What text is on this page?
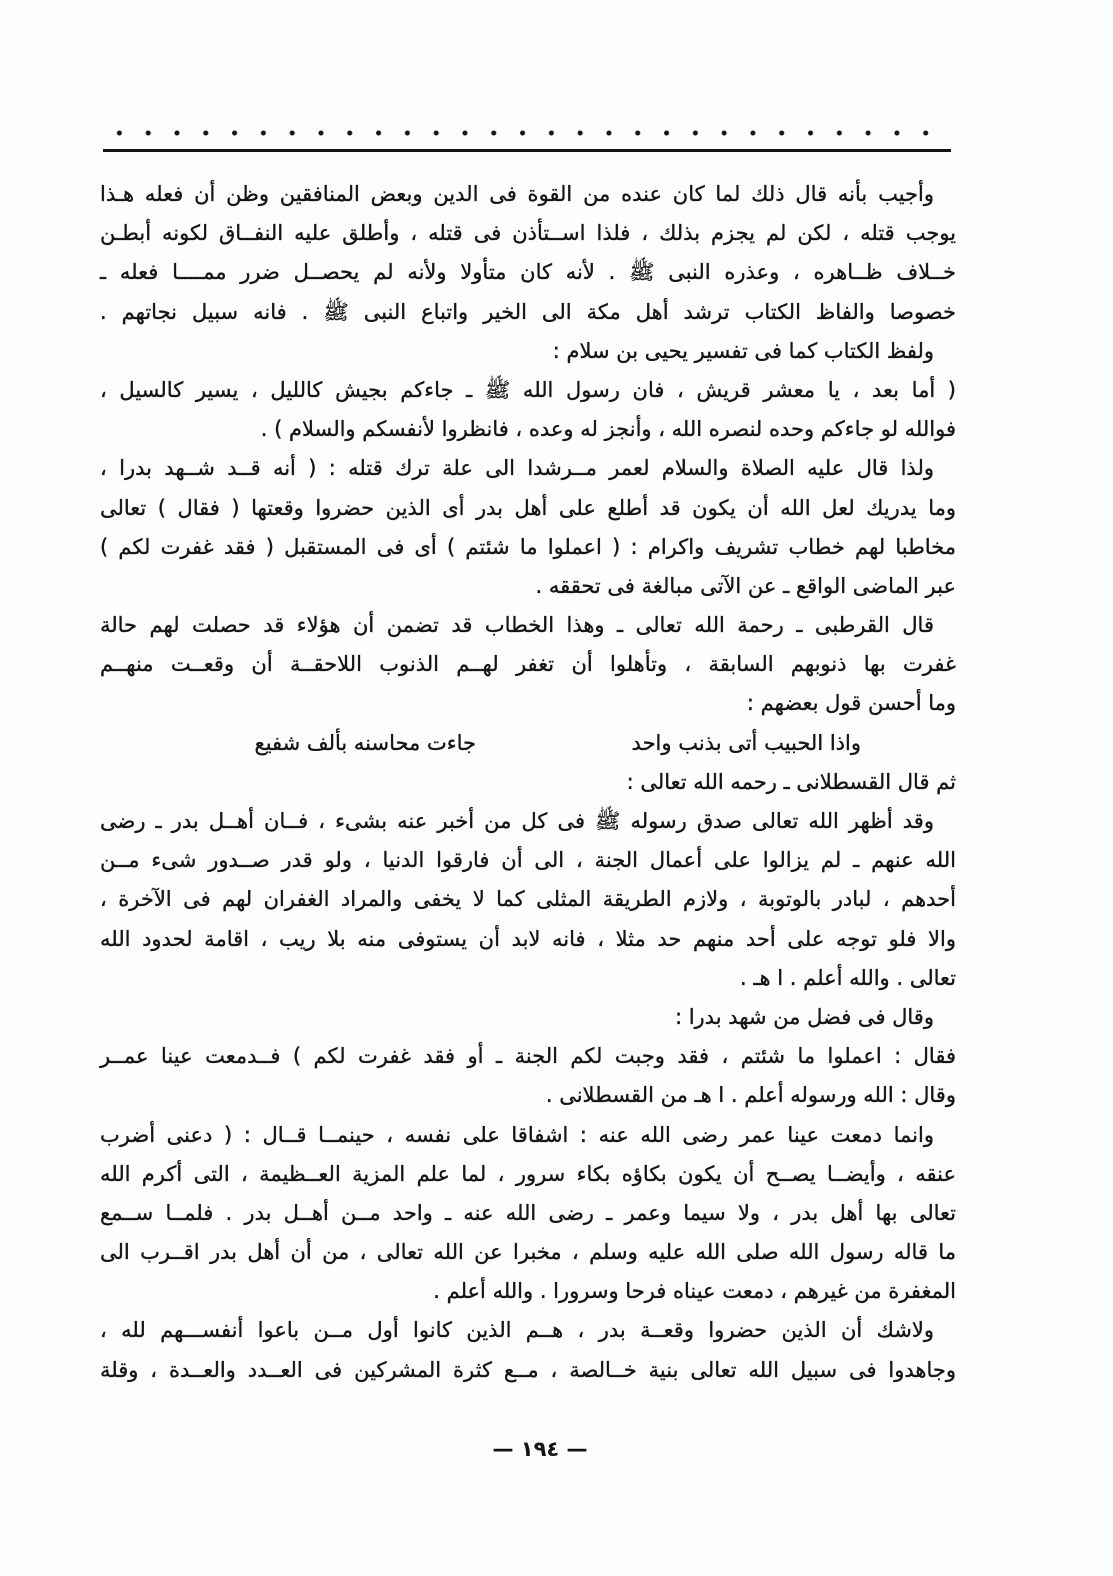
وأجيب بأنه قال ذلك لما كان عنده من القوة فى الدين وبعض المنافقين وظن أن فعله هـذا
يوجب قتله ، لكن لم يجزم بذلك ، فلذا اســتأذن فى قتله ، وأطلق عليه النفــاق لكونه أبطـن
خــلاف ظــاهره ، وعذره النبى ﷺ . لأنه كان متأولا ولأنه لم يحصــل ضرر ممــــا فعله ـ
خصوصا والفاظ الكتاب ترشد أهل مكة الى الخير واتباع النبى ﷺ . فانه سبيل نجاتهم .
ولفظ الكتاب كما فى تفسير يحيى بن سلام :
( أما بعد ، يا معشر قريش ، فان رسول الله ﷺ ـ جاءكم بجيش كالليل ، يسير كالسيل ،
فوالله لو جاءكم وحده لنصره الله ، وأنجز له وعده ، فانظروا لأنفسكم والسلام ) .
ولذا قال عليه الصلاة والسلام لعمر مــرشدا الى علة ترك قتله : ( أنه قــد شــهد بدرا ،
وما يدريك لعل الله أن يكون قد أطلع على أهل بدر أى الذين حضروا وقعتها ( فقال ) تعالى
مخاطبا لهم خطاب تشريف واكرام : ( اعملوا ما شئتم ) أى فى المستقبل ( فقد غفرت لكم )
عبر الماضى الواقع ـ عن الآتى مبالغة فى تحققه .
قال القرطبى ـ رحمة الله تعالى ـ وهذا الخطاب قد تضمن أن هؤلاء قد حصلت لهم حالة
غفرت بها ذنوبهم السابقة ، وتأهلوا أن تغفر لهــم الذنوب اللاحقــة أن وقعــت منهــم
وما أحسن قول بعضهم :
واذا الحبيب أتى بذنب واحد
جاءت محاسنه بألف شفيع
ثم قال القسطلانى ـ رحمه الله تعالى :
وقد أظهر الله تعالى صدق رسوله ﷺ فى كل من أخبر عنه بشىء ، فــان أهــل بدر ـ رضى
الله عنهم ـ لم يزالوا على أعمال الجنة ، الى أن فارقوا الدنيا ، ولو قدر صــدور شىء مــن
أحدهم ، لبادر بالوتوبة ، ولازم الطريقة المثلى كما لا يخفى والمراد الغفران لهم فى الآخرة ،
والا فلو توجه على أحد منهم حد مثلا ، فانه لابد أن يستوفى منه بلا ريب ، اقامة لحدود الله
تعالى . والله أعلم . ا هـ .
وقال فى فضل من شهد بدرا :
فقال : اعملوا ما شئتم ، فقد وجبت لكم الجنة ـ أو فقد غفرت لكم ) فــدمعت عينا عمــر
وقال : الله ورسوله أعلم . ا هـ من القسطلانى .
وانما دمعت عينا عمر رضى الله عنه : اشفاقا على نفسه ، حينمــا قــال : ( دعنى أضرب
عنقه ، وأيضــا يصــح أن يكون بكاؤه بكاء سرور ، لما علم المزية العــظيمة ، التى أكرم الله
تعالى بها أهل بدر ، ولا سيما وعمر ـ رضى الله عنه ـ واحد مــن أهــل بدر . فلمــا ســمع
ما قاله رسول الله صلى الله عليه وسلم ، مخبرا عن الله تعالى ، من أن أهل بدر اقــرب الى
المغفرة من غيرهم ، دمعت عيناه فرحا وسرورا . والله أعلم .
ولاشك أن الذين حضروا وقعــة بدر ، هــم الذين كانوا أول مــن باعوا أنفســـهم لله ،
وجاهدوا فى سبيل الله تعالى بنية خــالصة ، مــع كثرة المشركين فى العــدد والعــدة ، وقلة
— ١٩٤ —
